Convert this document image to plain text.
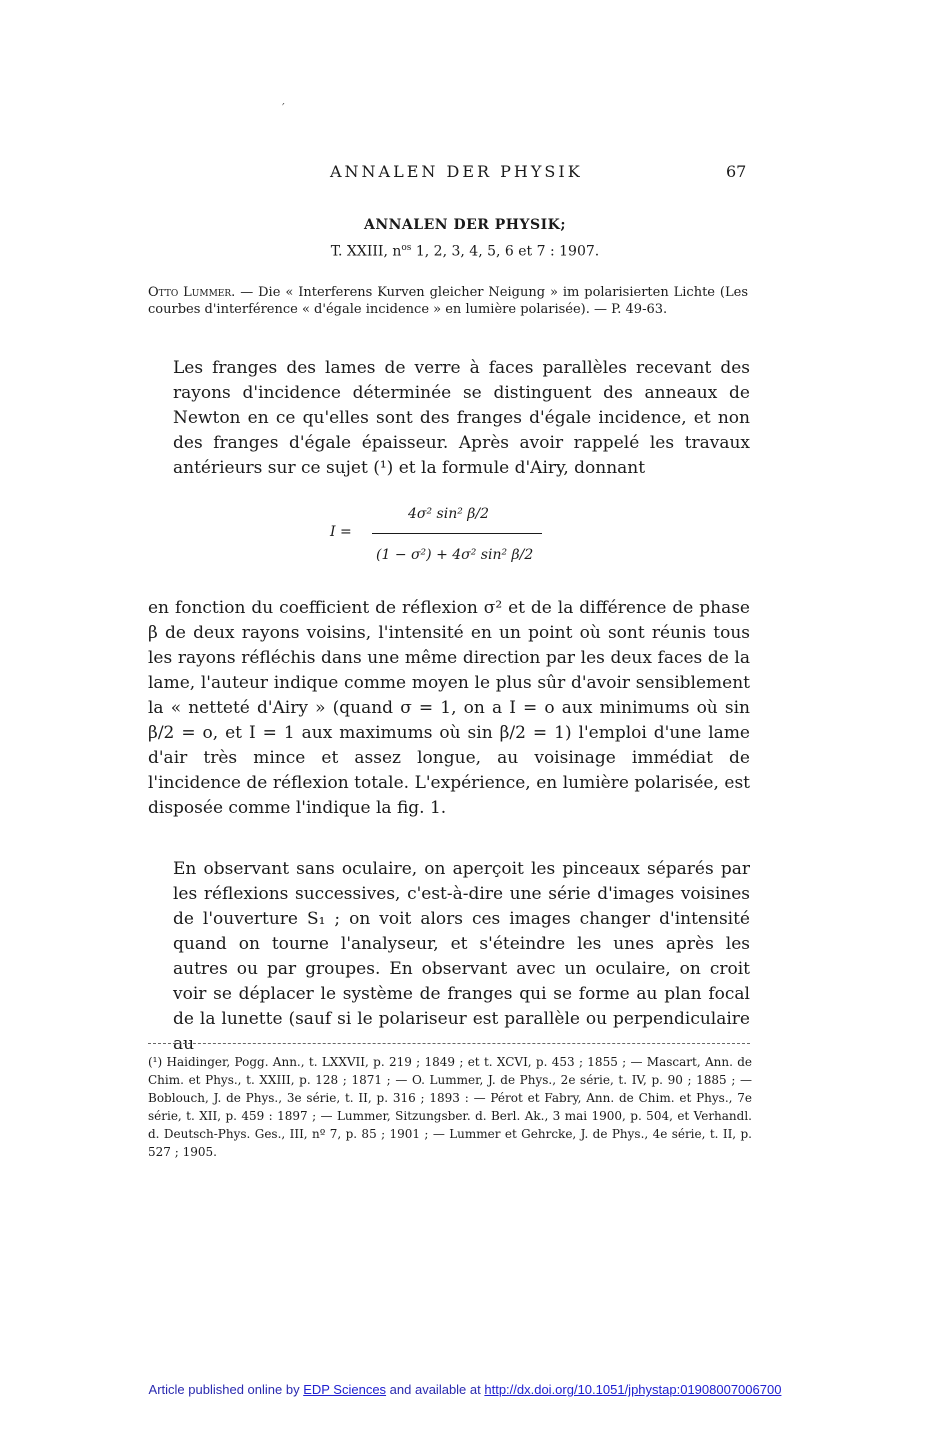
′
ANNALEN DER PHYSIK	67
ANNALEN DER PHYSIK;
T. XXIII, $n^{os}$ 1, 2, 3, 4, 5, 6 et 7 : 1907.
Otto Lummer. — Die « Interferens Kurven gleicher Neigung » im polarisierten Lichte (Les courbes d'interférence « d'égale incidence » en lumière polarisée). — P. 49-63.

Les franges des lames de verre à faces parallèles recevant des rayons d'incidence déterminée se distinguent des anneaux de Newton en ce qu'elles sont des franges d'égale incidence, et non des franges d'égale épaisseur. Après avoir rappelé les travaux antérieurs sur ce sujet (¹) et la formule d'Airy, donnant

I =
4σ² sin² β/2
(1 − σ²) + 4σ² sin² β/2

en fonction du coefficient de réflexion σ² et de la différence de phase β de deux rayons voisins, l'intensité en un point où sont réunis tous les rayons réfléchis dans une même direction par les deux faces de la lame, l'auteur indique comme moyen le plus sûr d'avoir sensiblement la « netteté d'Airy » (quand σ = 1, on a I = o aux minimums où sin β/2 = o, et I = 1 aux maximums où sin β/2 = 1) l'emploi d'une lame d'air très mince et assez longue, au voisinage immédiat de l'incidence de réflexion totale. L'expérience, en lumière polarisée, est disposée comme l'indique la fig. 1.

En observant sans oculaire, on aperçoit les pinceaux séparés par les réflexions successives, c'est-à-dire une série d'images voisines de l'ouverture S₁ ; on voit alors ces images changer d'intensité quand on tourne l'analyseur, et s'éteindre les unes après les autres ou par groupes. En observant avec un oculaire, on croit voir se déplacer le système de franges qui se forme au plan focal de la lunette (sauf si le polariseur est parallèle ou perpendiculaire au

(¹) Haidinger, Pogg. Ann., t. LXXVII, p. 219 ; 1849 ; et t. XCVI, p. 453 ; 1855 ; — Mascart, Ann. de Chim. et Phys., t. XXIII, p. 128 ; 1871 ; — O. Lummer, J. de Phys., 2e série, t. IV, p. 90 ; 1885 ; — Boblouch, J. de Phys., 3e série, t. II, p. 316 ; 1893 : — Pérot et Fabry, Ann. de Chim. et Phys., 7e série, t. XII, p. 459 : 1897 ; — Lummer, Sitzungsber. d. Berl. Ak., 3 mai 1900, p. 504, et Verhandl. d. Deutsch-Phys. Ges., III, nº 7, p. 85 ; 1901 ; — Lummer et Gehrcke, J. de Phys., 4e série, t. II, p. 527 ; 1905.
Article published online by EDP Sciences and available at http://dx.doi.org/10.1051/jphystap:01908007006700
